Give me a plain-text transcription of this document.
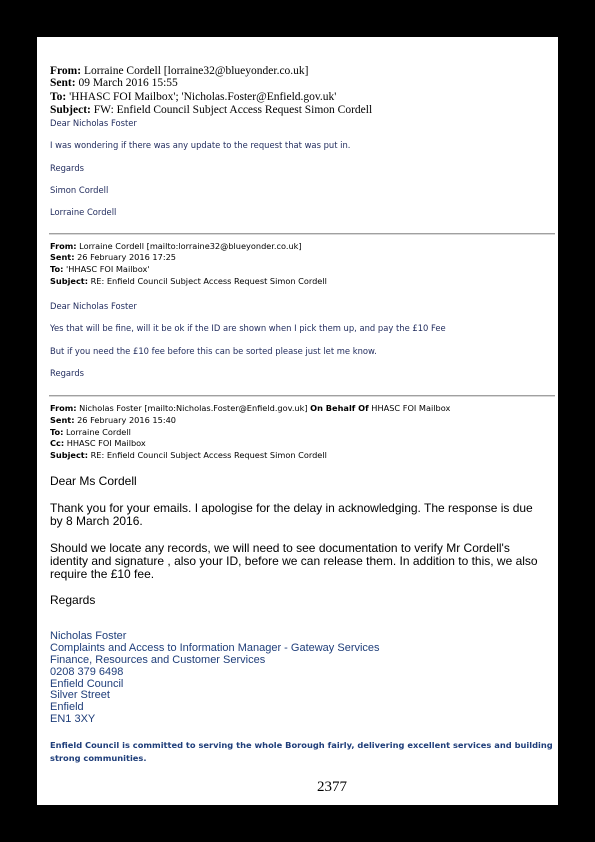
From: Lorraine Cordell [lorraine32@blueyonder.co.uk]
Sent: 09 March 2016 15:55
To: 'HHASC FOI Mailbox'; 'Nicholas.Foster@Enfield.gov.uk'
Subject: FW: Enfield Council Subject Access Request Simon Cordell
Dear Nicholas Foster
I was wondering if there was any update to the request that was put in.
Regards
Simon Cordell
Lorraine Cordell
From: Lorraine Cordell [mailto:lorraine32@blueyonder.co.uk]
Sent: 26 February 2016 17:25
To: 'HHASC FOI Mailbox'
Subject: RE: Enfield Council Subject Access Request Simon Cordell
Dear Nicholas Foster
Yes that will be fine, will it be ok if the ID are shown when I pick them up, and pay the £10 Fee
But if you need the £10 fee before this can be sorted please just let me know.
Regards
From: Nicholas Foster [mailto:Nicholas.Foster@Enfield.gov.uk] On Behalf Of HHASC FOI Mailbox
Sent: 26 February 2016 15:40
To: Lorraine Cordell
Cc: HHASC FOI Mailbox
Subject: RE: Enfield Council Subject Access Request Simon Cordell
Dear Ms Cordell
Thank you for your emails. I apologise for the delay in acknowledging. The response is due
by 8 March 2016.
Should we locate any records, we will need to see documentation to verify Mr Cordell's
identity and signature , also your ID, before we can release them. In addition to this, we also
require the £10 fee.
Regards
Nicholas Foster
Complaints and Access to Information Manager - Gateway Services
Finance, Resources and Customer Services
0208 379 6498
Enfield Council
Silver Street
Enfield
EN1 3XY
Enfield Council is committed to serving the whole Borough fairly, delivering excellent services and building
strong communities.
2377
